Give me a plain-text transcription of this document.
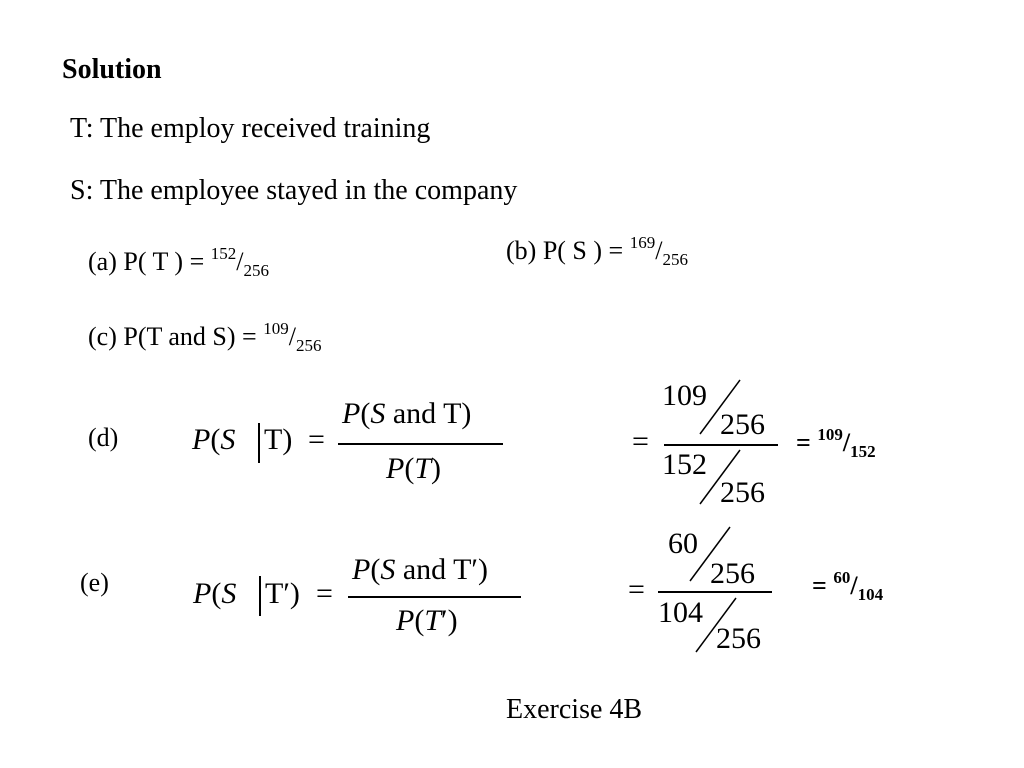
Solution
T: The employ received training
S: The employee stayed in the company
(a) P( T ) = $^{152}/_{256}$
(b) P( S ) = $^{169}/_{256}$
(c) P(T and $S) = ^{109}/_{256}$
(d) P(S T) =
P(S and T)
P(T)
=
109
256
152
256
= $^{109}/_{152}$
(e)	P(S T′) =
P(S and T′)
P(T′)
=
60
256
104
256
= $^{60}/_{104}$
Exercise 4B
